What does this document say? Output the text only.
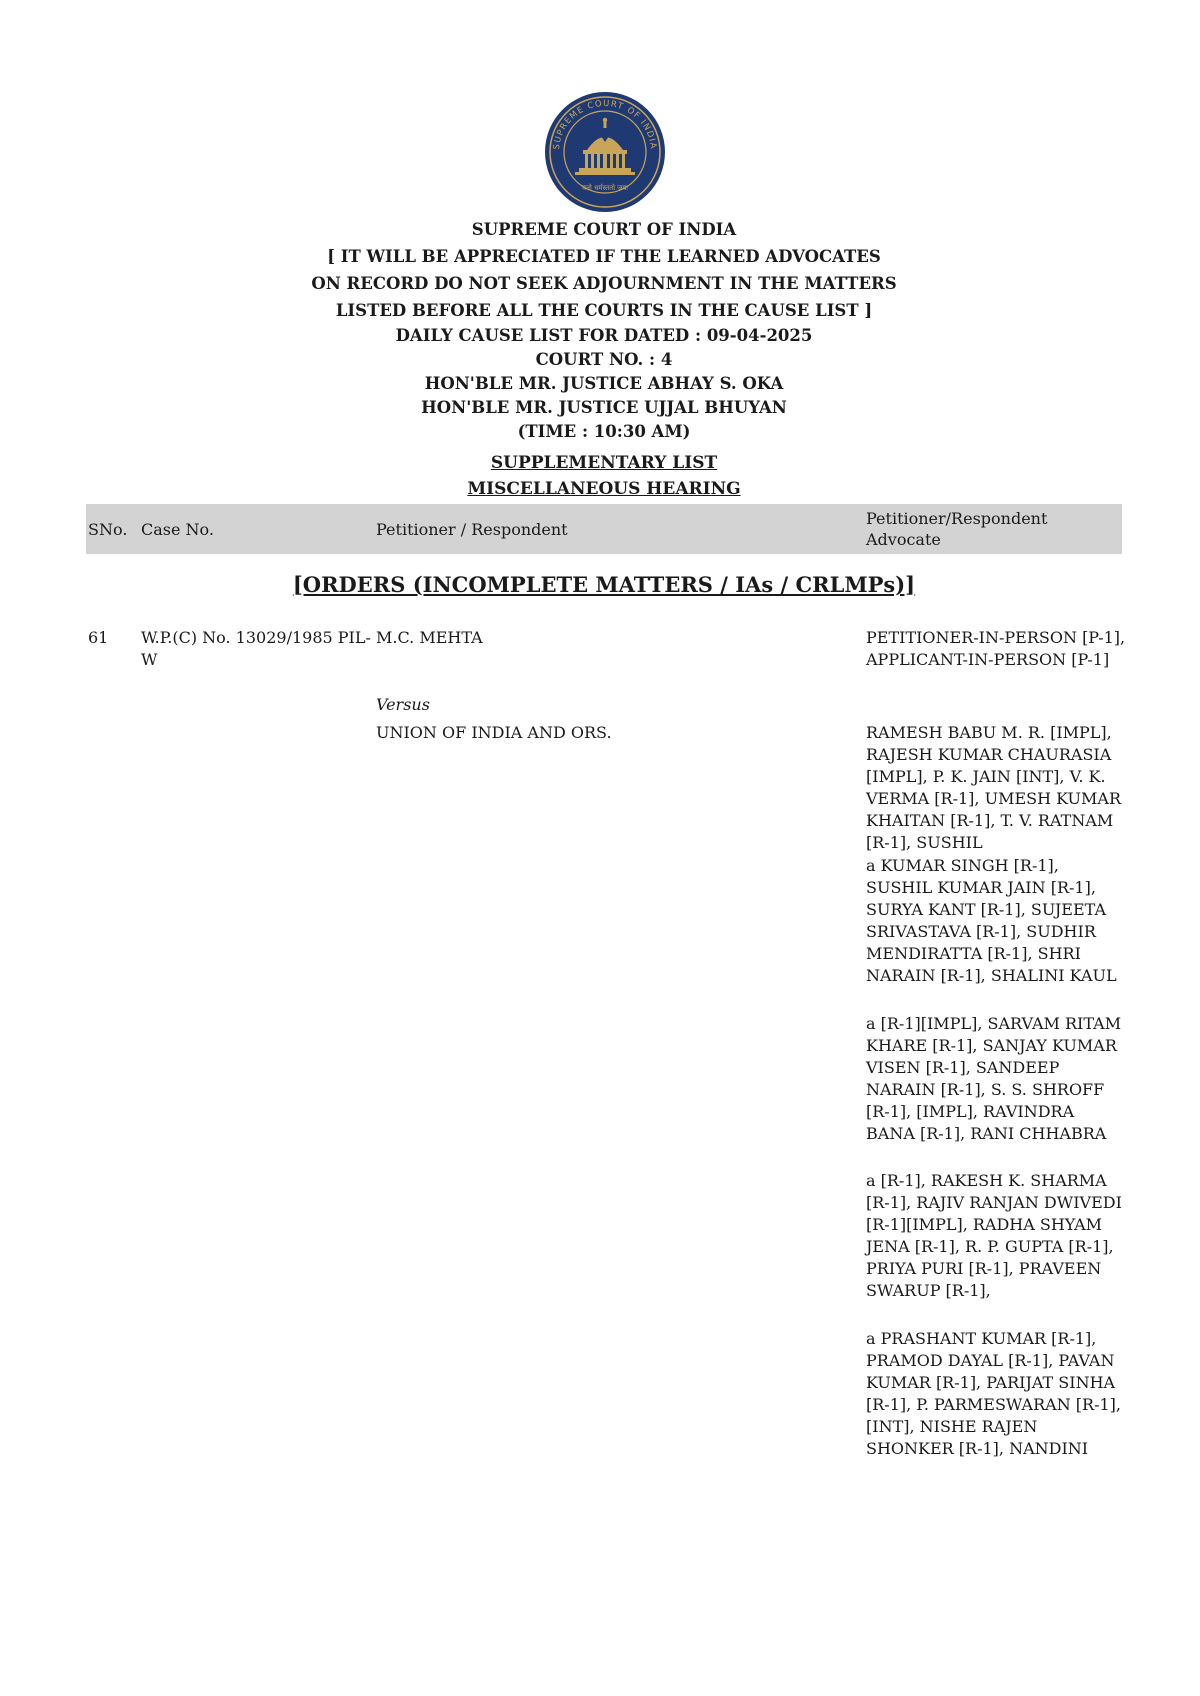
SUPREME COURT OF INDIA
यतो धर्मस्ततो जयः
SUPREME COURT OF INDIA
[ IT WILL BE APPRECIATED IF THE LEARNED ADVOCATES
ON RECORD DO NOT SEEK ADJOURNMENT IN THE MATTERS
LISTED BEFORE ALL THE COURTS IN THE CAUSE LIST ]
DAILY CAUSE LIST FOR DATED : 09-04-2025
COURT NO. : 4
HON'BLE MR. JUSTICE ABHAY S. OKA
HON'BLE MR. JUSTICE UJJAL BHUYAN
(TIME : 10:30 AM)
SUPPLEMENTARY LIST
MISCELLANEOUS HEARING
SNo. Case No.	Petitioner / Respondent
Petitioner/Respondent Advocate
[ORDERS (INCOMPLETE MATTERS / IAs / CRLMPs)]
61 W.P.(C) No. 13029/1985 PIL-W
M.C. MEHTA
Versus
UNION OF INDIA AND ORS.
PETITIONER-IN-PERSON [P-1], APPLICANT-IN-PERSON [P-1]
RAMESH BABU M. R. [IMPL], RAJESH KUMAR CHAURASIA [IMPL], P. K. JAIN [INT], V. K. VERMA [R-1], UMESH KUMAR KHAITAN [R-1], T. V. RATNAM [R-1], SUSHIL
a KUMAR SINGH [R-1], SUSHIL KUMAR JAIN [R-1], SURYA KANT [R-1], SUJEETA SRIVASTAVA [R-1], SUDHIR MENDIRATTA [R-1], SHRI NARAIN [R-1], SHALINI KAUL
a [R-1][IMPL], SARVAM RITAM KHARE [R-1], SANJAY KUMAR VISEN [R-1], SANDEEP NARAIN [R-1], S. S. SHROFF [R-1], [IMPL], RAVINDRA BANA [R-1], RANI CHHABRA
a [R-1], RAKESH K. SHARMA [R-1], RAJIV RANJAN DWIVEDI [R-1][IMPL], RADHA SHYAM JENA [R-1], R. P. GUPTA [R-1], PRIYA PURI [R-1], PRAVEEN SWARUP [R-1],
a PRASHANT KUMAR [R-1], PRAMOD DAYAL [R-1], PAVAN KUMAR [R-1], PARIJAT SINHA [R-1], P. PARMESWARAN [R-1], [INT], NISHE RAJEN SHONKER [R-1], NANDINI
